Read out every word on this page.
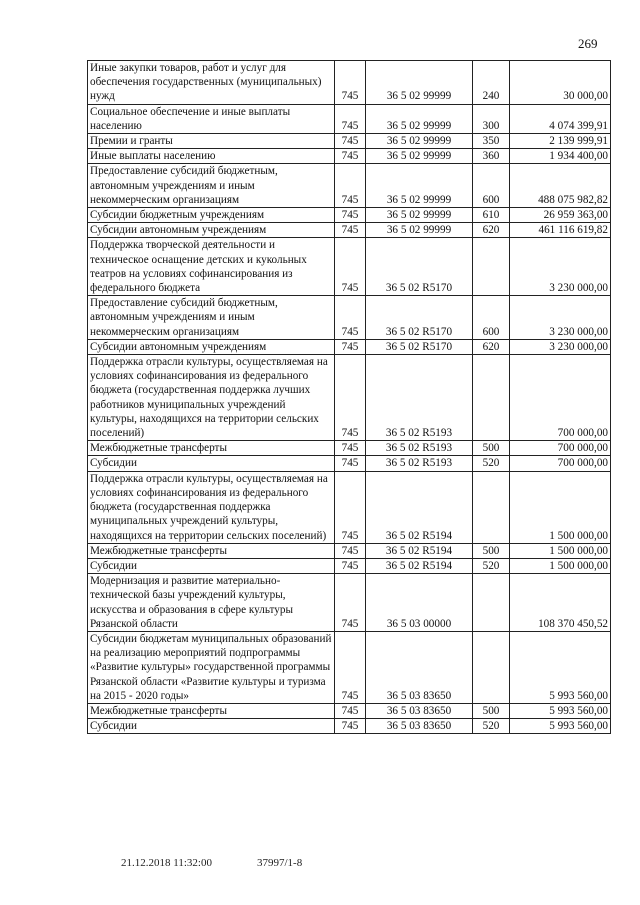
269
Иные закупки товаров, работ и услуг для обеспечения государственных (муниципальных) нужд	745	36 5 02 99999	240	30 000,00
Социальное обеспечение и иные выплаты населению	745	36 5 02 99999	300	4 074 399,91
Премии и гранты	745	36 5 02 99999	350	2 139 999,91
Иные выплаты населению	745	36 5 02 99999	360	1 934 400,00
Предоставление субсидий бюджетным, автономным учреждениям и иным некоммерческим организациям	745	36 5 02 99999	600	488 075 982,82
Субсидии бюджетным учреждениям	745	36 5 02 99999	610	26 959 363,00
Субсидии автономным учреждениям	745	36 5 02 99999	620	461 116 619,82
Поддержка творческой деятельности и техническое оснащение детских и кукольных театров на условиях софинансирования из федерального бюджета	745	36 5 02 R5170		3 230 000,00
Предоставление субсидий бюджетным, автономным учреждениям и иным некоммерческим организациям	745	36 5 02 R5170	600	3 230 000,00
Субсидии автономным учреждениям	745	36 5 02 R5170	620	3 230 000,00
Поддержка отрасли культуры, осуществляемая на условиях софинансирования из федерального бюджета (государственная поддержка лучших работников муниципальных учреждений культуры, находящихся на территории сельских поселений)	745	36 5 02 R5193		700 000,00
Межбюджетные трансферты	745	36 5 02 R5193	500	700 000,00
Субсидии	745	36 5 02 R5193	520	700 000,00
Поддержка отрасли культуры, осуществляемая на условиях софинансирования из федерального бюджета (государственная поддержка муниципальных учреждений культуры, находящихся на территории сельских поселений)	745	36 5 02 R5194		1 500 000,00
Межбюджетные трансферты	745	36 5 02 R5194	500	1 500 000,00
Субсидии	745	36 5 02 R5194	520	1 500 000,00
Модернизация и развитие материально-технической базы учреждений культуры, искусства и образования в сфере культуры Рязанской области	745	36 5 03 00000		108 370 450,52
Субсидии бюджетам муниципальных образований на реализацию мероприятий подпрограммы «Развитие культуры» государственной программы Рязанской области «Развитие культуры и туризма на 2015 - 2020 годы»	745	36 5 03 83650		5 993 560,00
Межбюджетные трансферты	745	36 5 03 83650	500	5 993 560,00
Субсидии	745	36 5 03 83650	520	5 993 560,00
21.12.2018 11:32:00	37997/1-8
